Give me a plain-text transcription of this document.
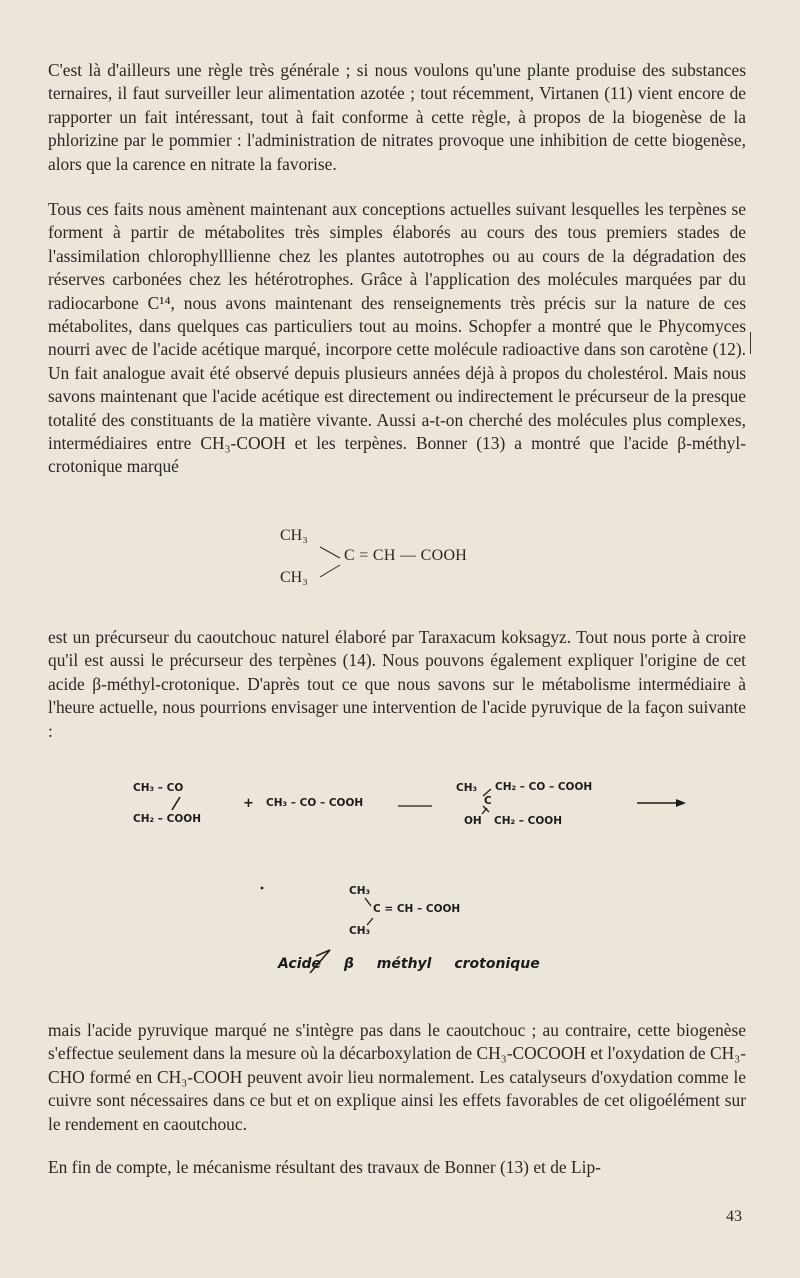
C'est là d'ailleurs une règle très générale ; si nous voulons qu'une plante produise des substances ternaires, il faut surveiller leur alimentation azotée ; tout récemment, Virtanen (11) vient encore de rapporter un fait intéressant, tout à fait conforme à cette règle, à propos de la biogenèse de la phlorizine par le pommier : l'administration de nitrates provoque une inhibition de cette biogenèse, alors que la carence en nitrate la favorise.

Tous ces faits nous amènent maintenant aux conceptions actuelles suivant lesquelles les terpènes se forment à partir de métabolites très simples élaborés au cours des tous premiers stades de l'assimilation chlorophylllienne chez les plantes autotrophes ou au cours de la dégradation des réserves carbonées chez les hétérotrophes. Grâce à l'application des molécules marquées par du radiocarbone C¹⁴, nous avons maintenant des renseignements très précis sur la nature de ces métabolites, dans quelques cas particuliers tout au moins. Schopfer a montré que le Phycomyces nourri avec de l'acide acétique marqué, incorpore cette molécule radioactive dans son carotène (12). Un fait analogue avait été observé depuis plusieurs années déjà à propos du cholestérol. Mais nous savons maintenant que l'acide acétique est directement ou indirectement le précurseur de la presque totalité des constituants de la matière vivante. Aussi a-t-on cherché des molécules plus complexes, intermédiaires entre CH₃-COOH et les terpènes. Bonner (13) a montré que l'acide β-méthyl-crotonique marqué

CH₃
CH₃
C = CH — COOH

est un précurseur du caoutchouc naturel élaboré par Taraxacum koksagyz. Tout nous porte à croire qu'il est aussi le précurseur des terpènes (14). Nous pouvons également expliquer l'origine de cet acide β-méthyl-crotonique. D'après tout ce que nous savons sur le métabolisme intermédiaire à l'heure actuelle, nous pourrions envisager une intervention de l'acide pyruvique de la façon suivante :

CH₃ – CO
CH₂ – COOH
+ CH₃ – CO – COOH
CH₃ CH₂ – CO – COOH
C
OH CH₂ – COOH
CH₃
C = CH – COOH
CH₃
Acide β méthyl crotonique

mais l'acide pyruvique marqué ne s'intègre pas dans le caoutchouc ; au contraire, cette biogenèse s'effectue seulement dans la mesure où la décarboxylation de CH₃-COCOOH et l'oxydation de CH₃-CHO formé en CH₃-COOH peuvent avoir lieu normalement. Les catalyseurs d'oxydation comme le cuivre sont nécessaires dans ce but et on explique ainsi les effets favorables de cet oligoélément sur le rendement en caoutchouc.

En fin de compte, le mécanisme résultant des travaux de Bonner (13) et de Lip-

43
